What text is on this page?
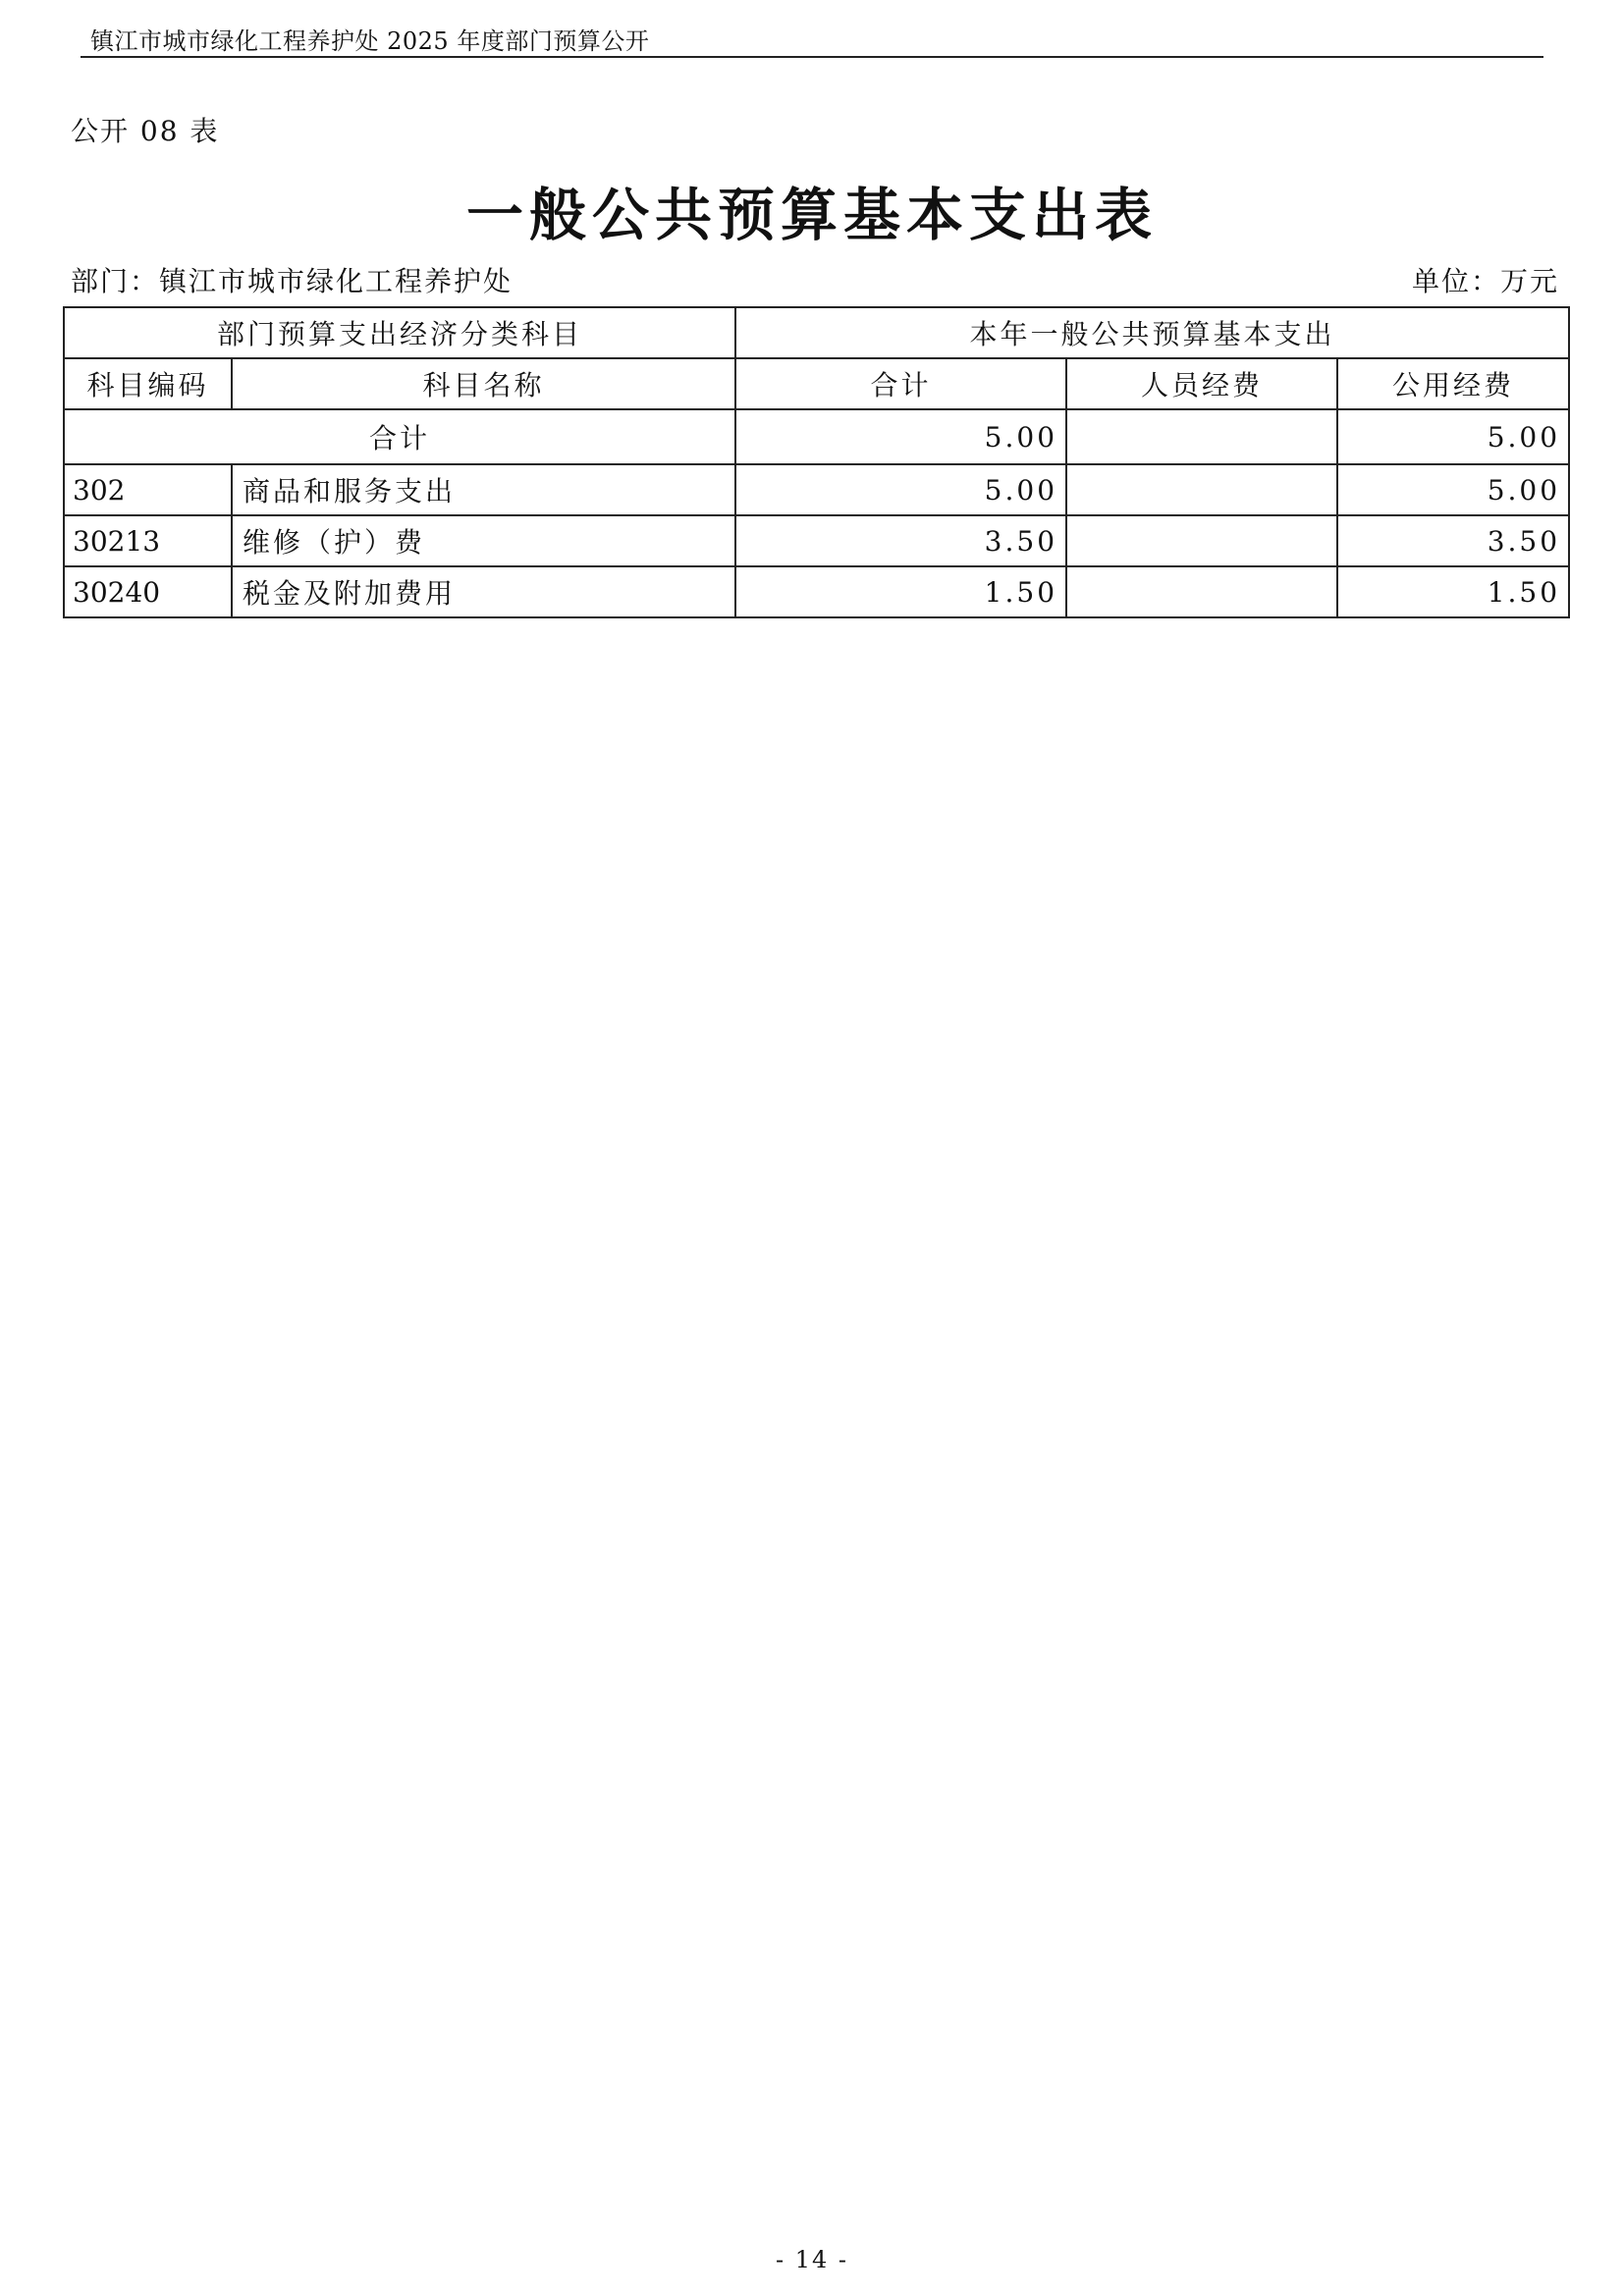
镇江市城市绿化工程养护处 2025 年度部门预算公开
公开 08 表
一般公共预算基本支出表
部门：镇江市城市绿化工程养护处	单位：万元
部门预算支出经济分类科目		本年一般公共预算基本支出		
科目编码	科目名称	合计	人员经费	公用经费
合计		5.00		5.00
302	商品和服务支出	5.00		5.00
30213	维修（护）费	3.50		3.50
30240	税金及附加费用	1.50		1.50
- 14 -
